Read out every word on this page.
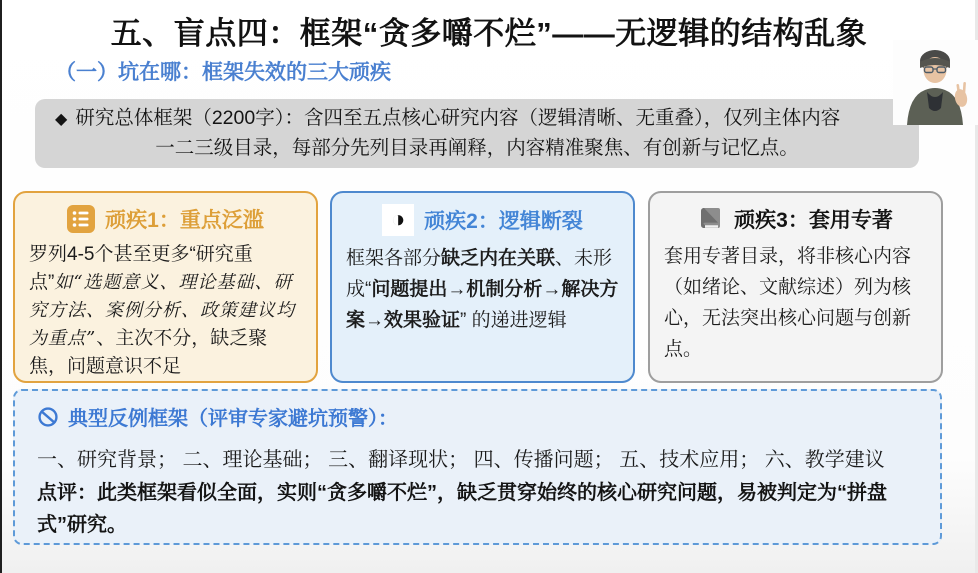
五、盲点四：框架“贪多嚼不烂”——无逻辑的结构乱象
（一）坑在哪：框架失效的三大顽疾
◆ 研究总体框架（2200字）：含四至五点核心研究内容（逻辑清晰、无重叠），仅列主体内容
一二三级目录，每部分先列目录再阐释，内容精准聚焦、有创新与记忆点。
顽疾1：重点泛滥
罗列4-5个甚至更多“研究重点”如“选题意义、理论基础、研究方法、案例分析、政策建议均为重点”、主次不分，缺乏聚焦，问题意识不足
◑ 顽疾2：逻辑断裂
框架各部分缺乏内在关联、未形成“问题提出→机制分析→解决方案→效果验证” 的递进逻辑
顽疾3：套用专著
套用专著目录，将非核心内容（如绪论、文献综述）列为核心，无法突出核心问题与创新点。
典型反例框架（评审专家避坑预警）：
一、研究背景； 二、理论基础； 三、翻译现状； 四、传播问题； 五、技术应用； 六、教学建议
点评：此类框架看似全面，实则“贪多嚼不烂”，缺乏贯穿始终的核心研究问题，易被判定为“拼盘式”研究。
